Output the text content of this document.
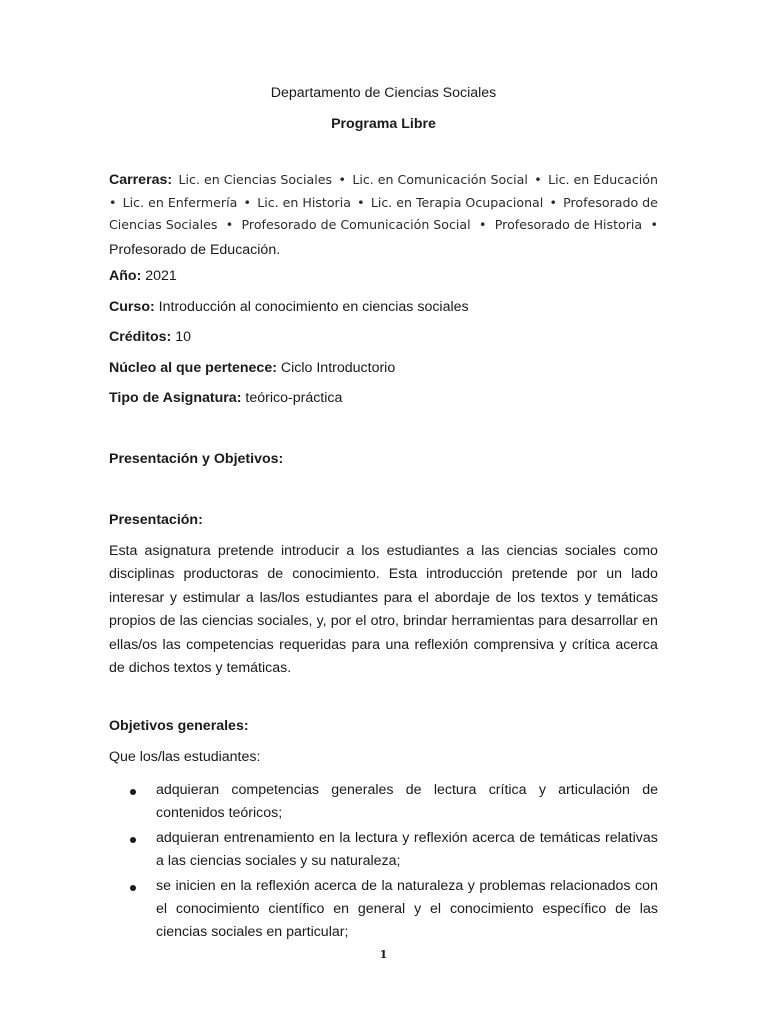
Departamento de Ciencias Sociales
Programa Libre
Carreras: Lic. en Ciencias Sociales • Lic. en Comunicación Social • Lic. en Educación
• Lic. en Enfermería • Lic. en Historia • Lic. en Terapia Ocupacional • Profesorado de
Ciencias Sociales • Profesorado de Comunicación Social • Profesorado de Historia •
Profesorado de Educación.
Año: 2021
Curso: Introducción al conocimiento en ciencias sociales
Créditos: 10
Núcleo al que pertenece: Ciclo Introductorio
Tipo de Asignatura: teórico-práctica
Presentación y Objetivos:
Presentación:
Esta asignatura pretende introducir a los estudiantes a las ciencias sociales como
disciplinas productoras de conocimiento. Esta introducción pretende por un lado
interesar y estimular a las/los estudiantes para el abordaje de los textos y temáticas
propios de las ciencias sociales, y, por el otro, brindar herramientas para desarrollar en
ellas/os las competencias requeridas para una reflexión comprensiva y crítica acerca
de dichos textos y temáticas.
Objetivos generales:
Que los/las estudiantes:
adquieran competencias generales de lectura crítica y articulación de
contenidos teóricos;
adquieran entrenamiento en la lectura y reflexión acerca de temáticas relativas
a las ciencias sociales y su naturaleza;
se inicien en la reflexión acerca de la naturaleza y problemas relacionados con
el conocimiento científico en general y el conocimiento específico de las
ciencias sociales en particular;
1
